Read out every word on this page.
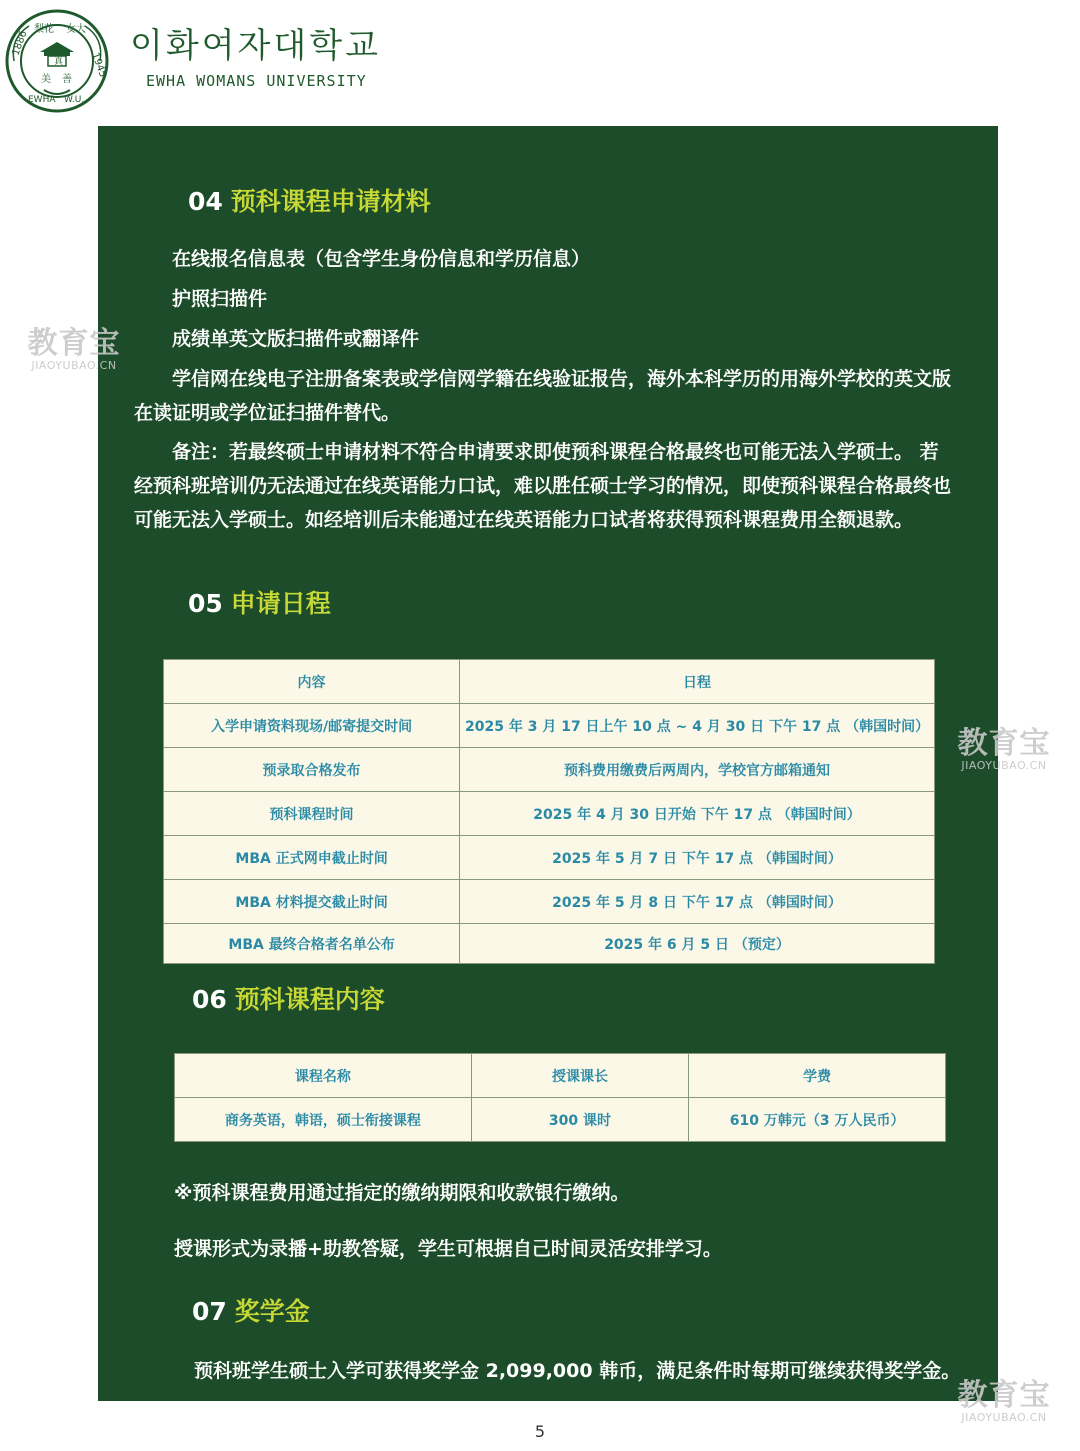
1886 梨花 女大
1945
EWHA W.U.
真
美 善
이화여자대학교
EWHA WOMANS UNIVERSITY
04 预科课程申请材料
在线报名信息表（包含学生身份信息和学历信息）
护照扫描件
成绩单英文版扫描件或翻译件
学信网在线电子注册备案表或学信网学籍在线验证报告，海外本科学历的用海外学校的英文版
在读证明或学位证扫描件替代。
备注：若最终硕士申请材料不符合申请要求即使预科课程合格最终也可能无法入学硕士。 若
经预科班培训仍无法通过在线英语能力口试，难以胜任硕士学习的情况，即使预科课程合格最终也
可能无法入学硕士。如经培训后未能通过在线英语能力口试者将获得预科课程费用全额退款。
05 申请日程
内容	日程
入学申请资料现场/邮寄提交时间	2025 年 3 月 17 日上午 10 点 ~ 4 月 30 日 下午 17 点 （韩国时间）
预录取合格发布	预科费用缴费后两周内，学校官方邮箱通知
预科课程时间	2025 年 4 月 30 日开始 下午 17 点 （韩国时间）
MBA 正式网申截止时间	2025 年 5 月 7 日 下午 17 点 （韩国时间）
MBA 材料提交截止时间	2025 年 5 月 8 日 下午 17 点 （韩国时间）
MBA 最终合格者名单公布	2025 年 6 月 5 日 （预定）
06 预科课程内容
课程名称	授课课长	学费
商务英语，韩语，硕士衔接课程	300 课时	610 万韩元（3 万人民币）
※预科课程费用通过指定的缴纳期限和收款银行缴纳。
授课形式为录播+助教答疑，学生可根据自己时间灵活安排学习。
07 奖学金
预科班学生硕士入学可获得奖学金 2,099,000 韩币，满足条件时每期可继续获得奖学金。
教育宝
JIAOYUBAO.CN
教育宝
JIAOYUBAO.CN
教育宝
JIAOYUBAO.CN
5
